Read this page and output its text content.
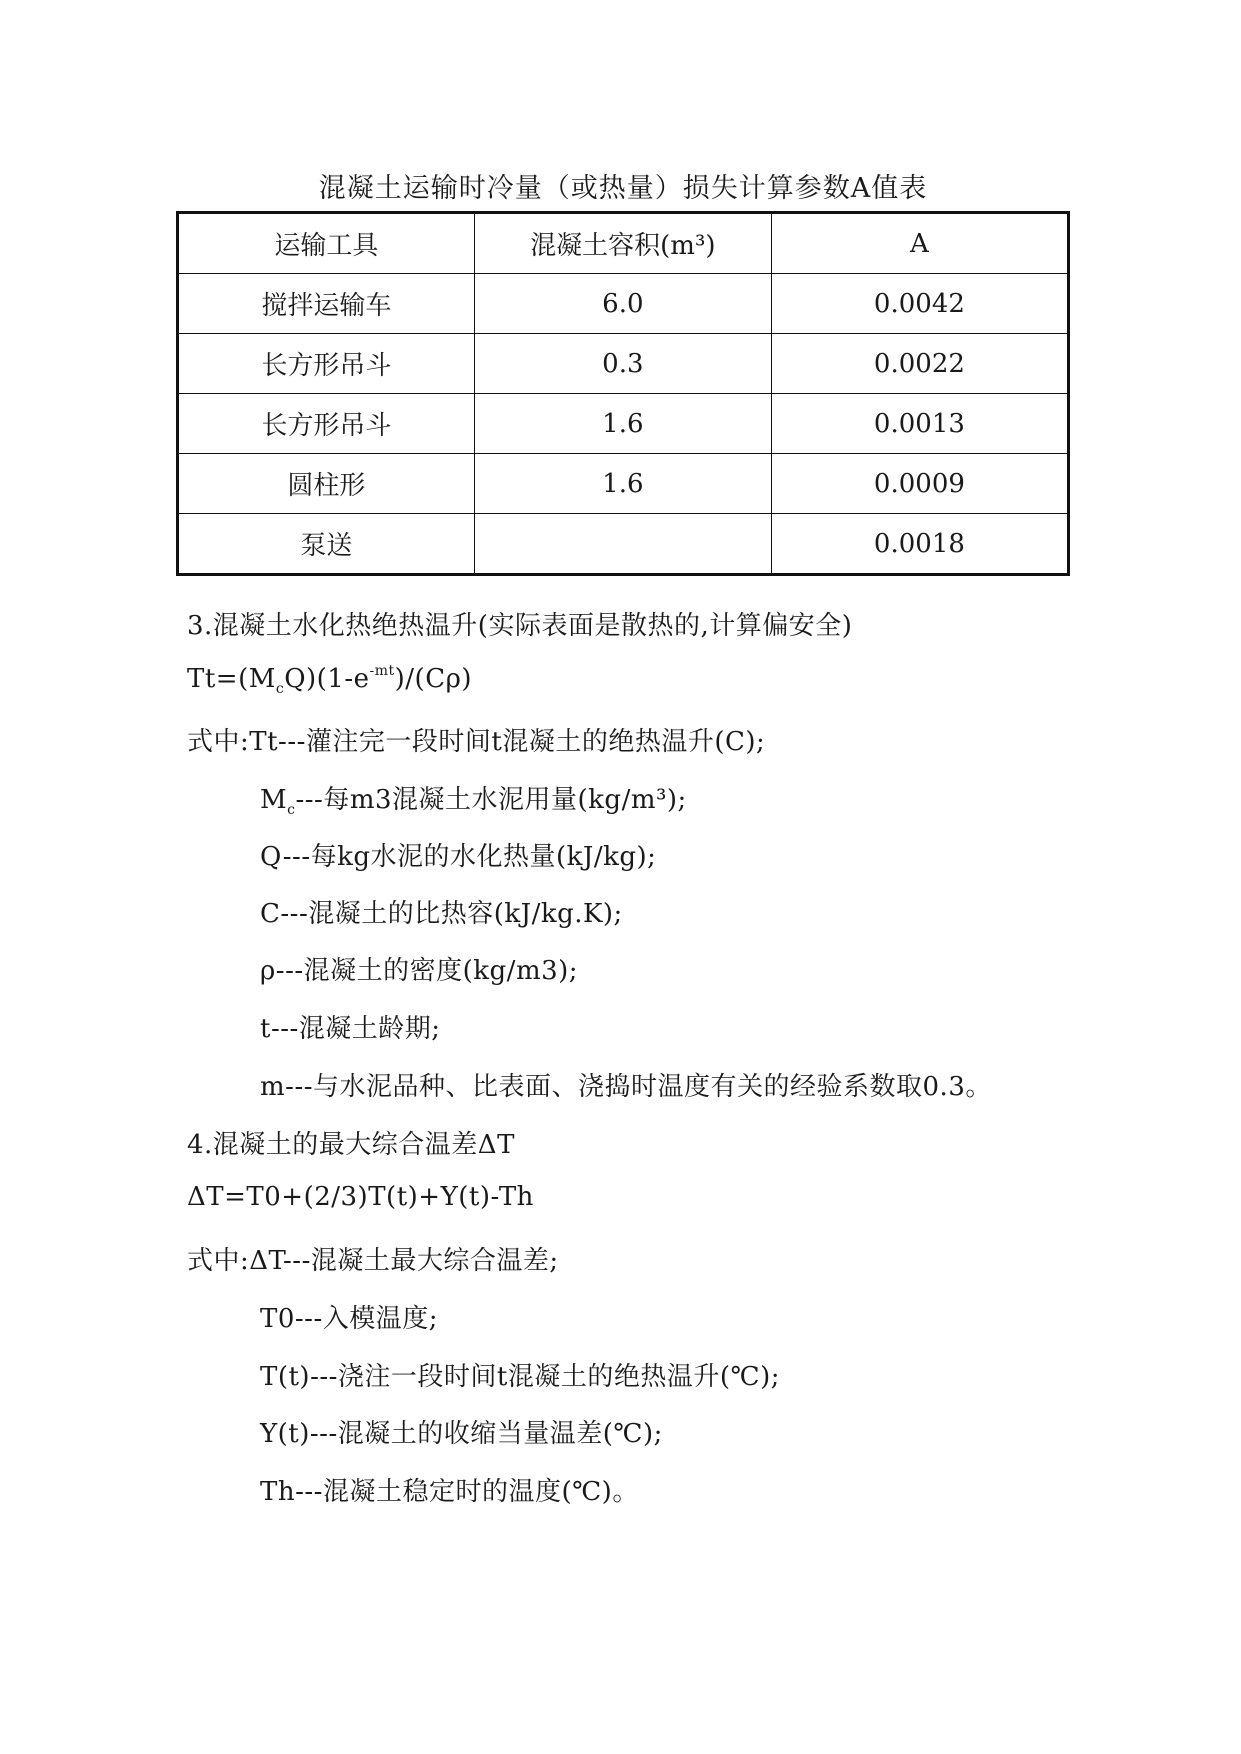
混凝土运输时冷量（或热量）损失计算参数A值表
运输工具	混凝土容积(m³)	A
搅拌运输车	6.0	0.0042
长方形吊斗	0.3	0.0022
长方形吊斗	1.6	0.0013
圆柱形	1.6	0.0009
泵送		0.0018
3.混凝土水化热绝热温升(实际表面是散热的,计算偏安全)
$Tt=(M_cQ)(1-e^{-mt})/(C\rho)$
式中:Tt---灌注完一段时间t混凝土的绝热温升(C);
$M_c---$每m3混凝土水泥用量(kg/m³);
Q---每kg水泥的水化热量(kJ/kg);
C---混凝土的比热容(kJ/kg.K);
ρ---混凝土的密度(kg/m3);
t---混凝土龄期;
m---与水泥品种、比表面、浇捣时温度有关的经验系数取0.3。
4.混凝土的最大综合温差ΔT
ΔT=T0+(2/3)T(t)+Y(t)-Th
式中:ΔT---混凝土最大综合温差;
T0---入模温度;
T(t)---浇注一段时间t混凝土的绝热温升(℃);
Y(t)---混凝土的收缩当量温差(℃);
Th---混凝土稳定时的温度(℃)。
